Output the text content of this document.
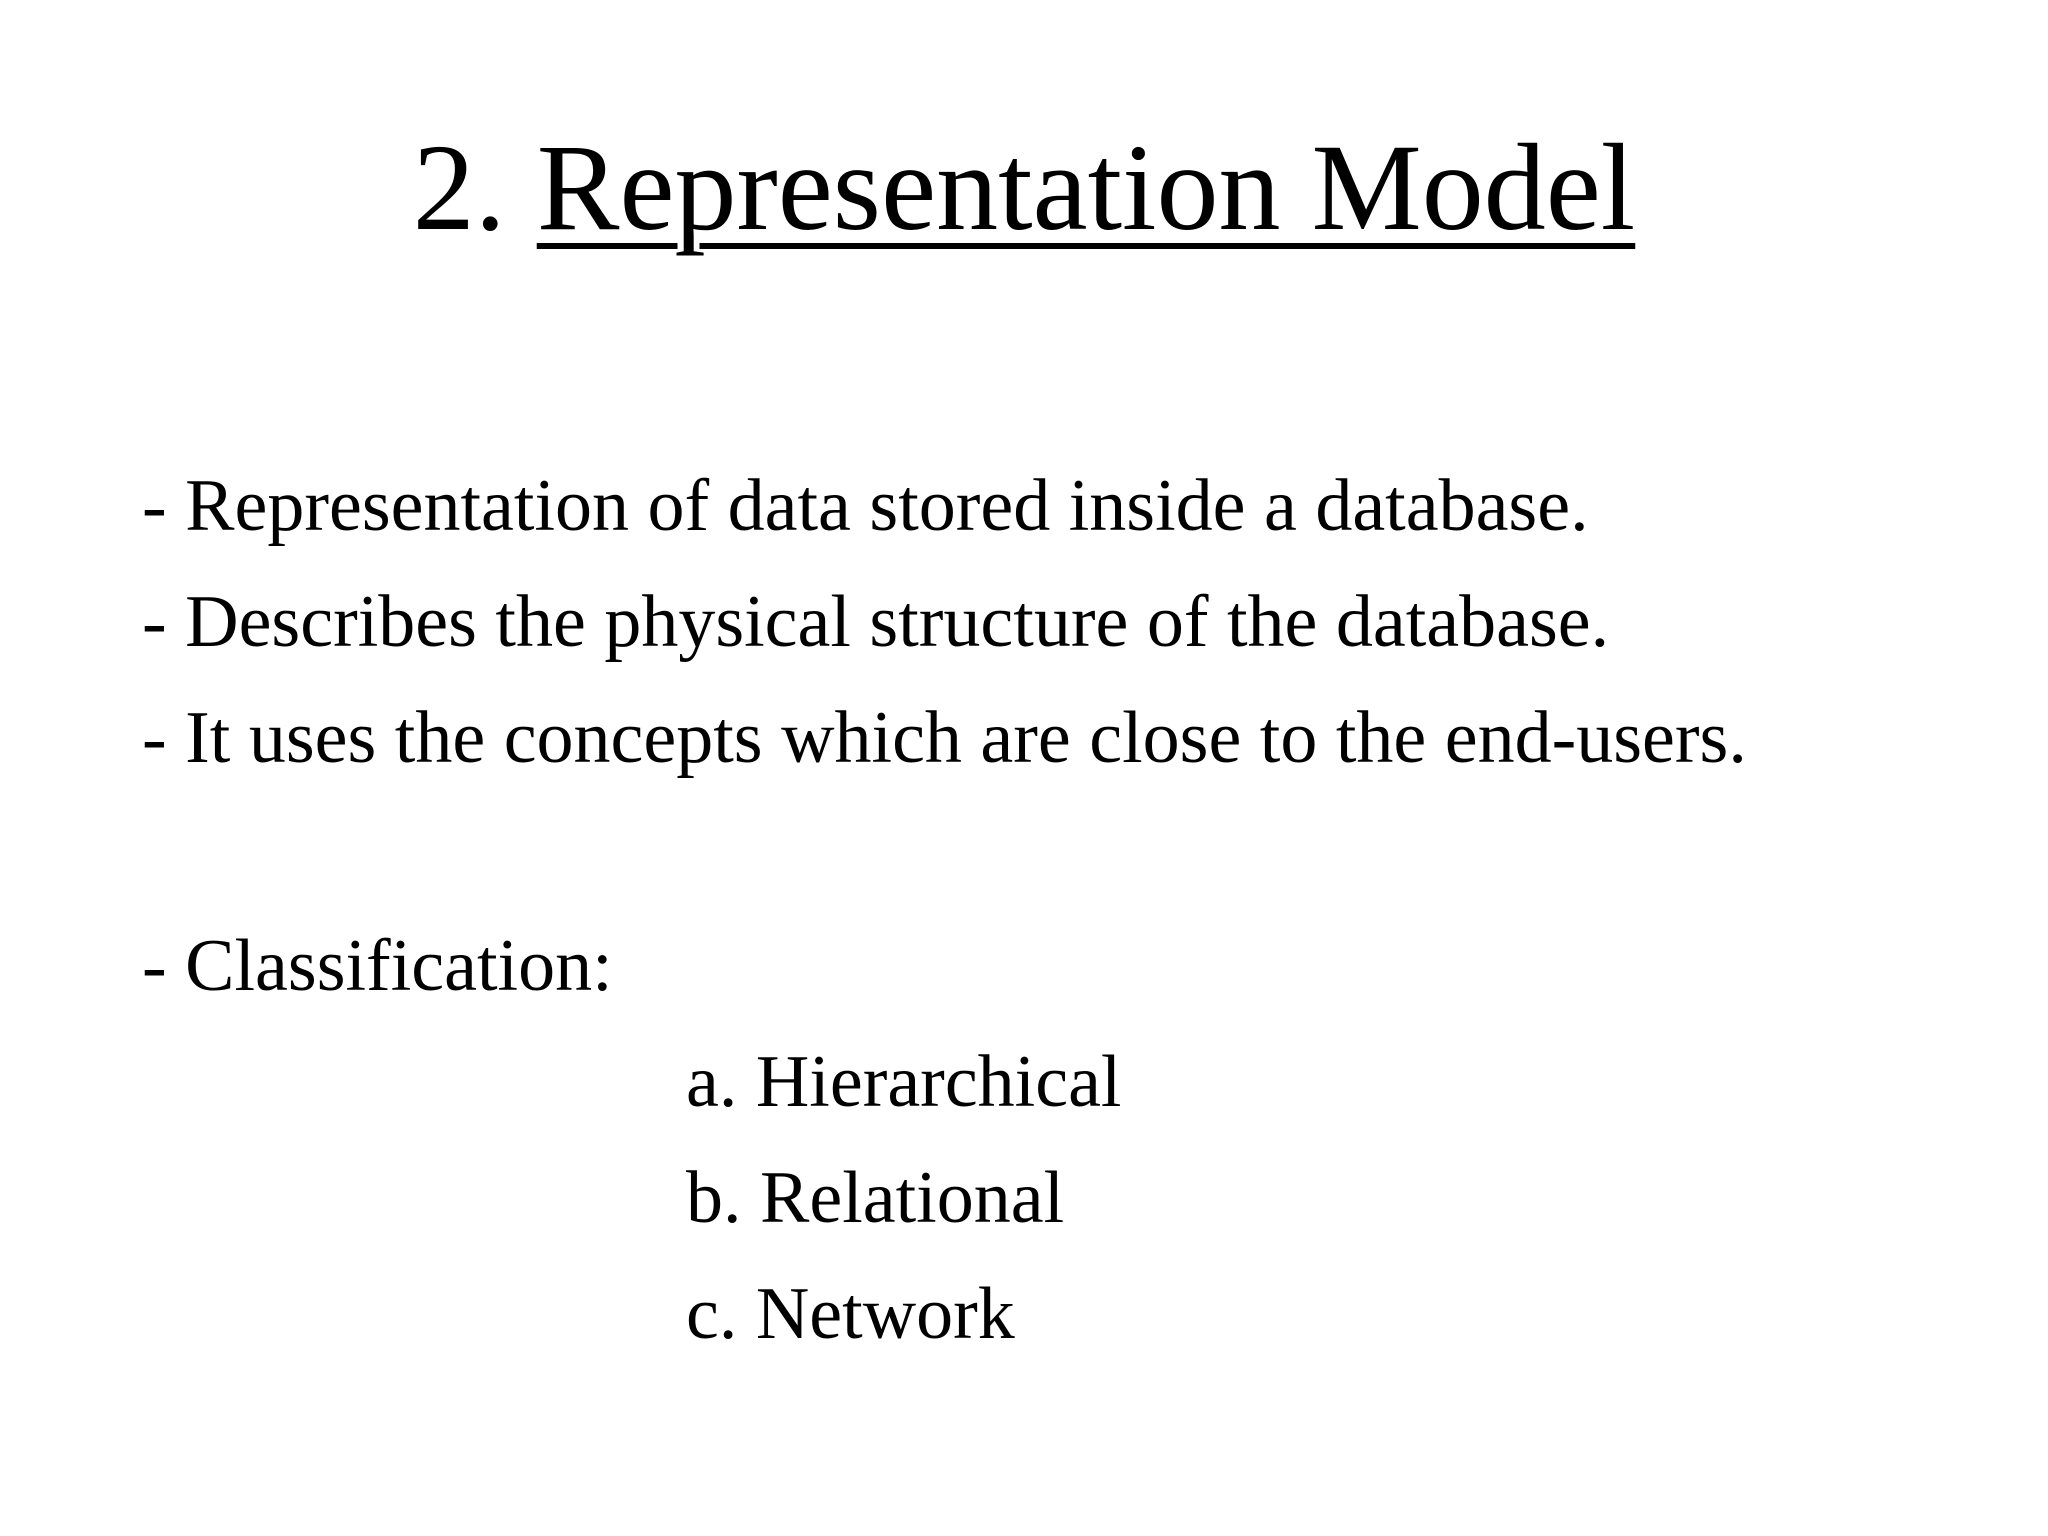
2. Representation Model
- Representation of data stored inside a database.
- Describes the physical structure of the database.
- It uses the concepts which are close to the end-users.
- Classification:
a. Hierarchical
b. Relational
c. Network
